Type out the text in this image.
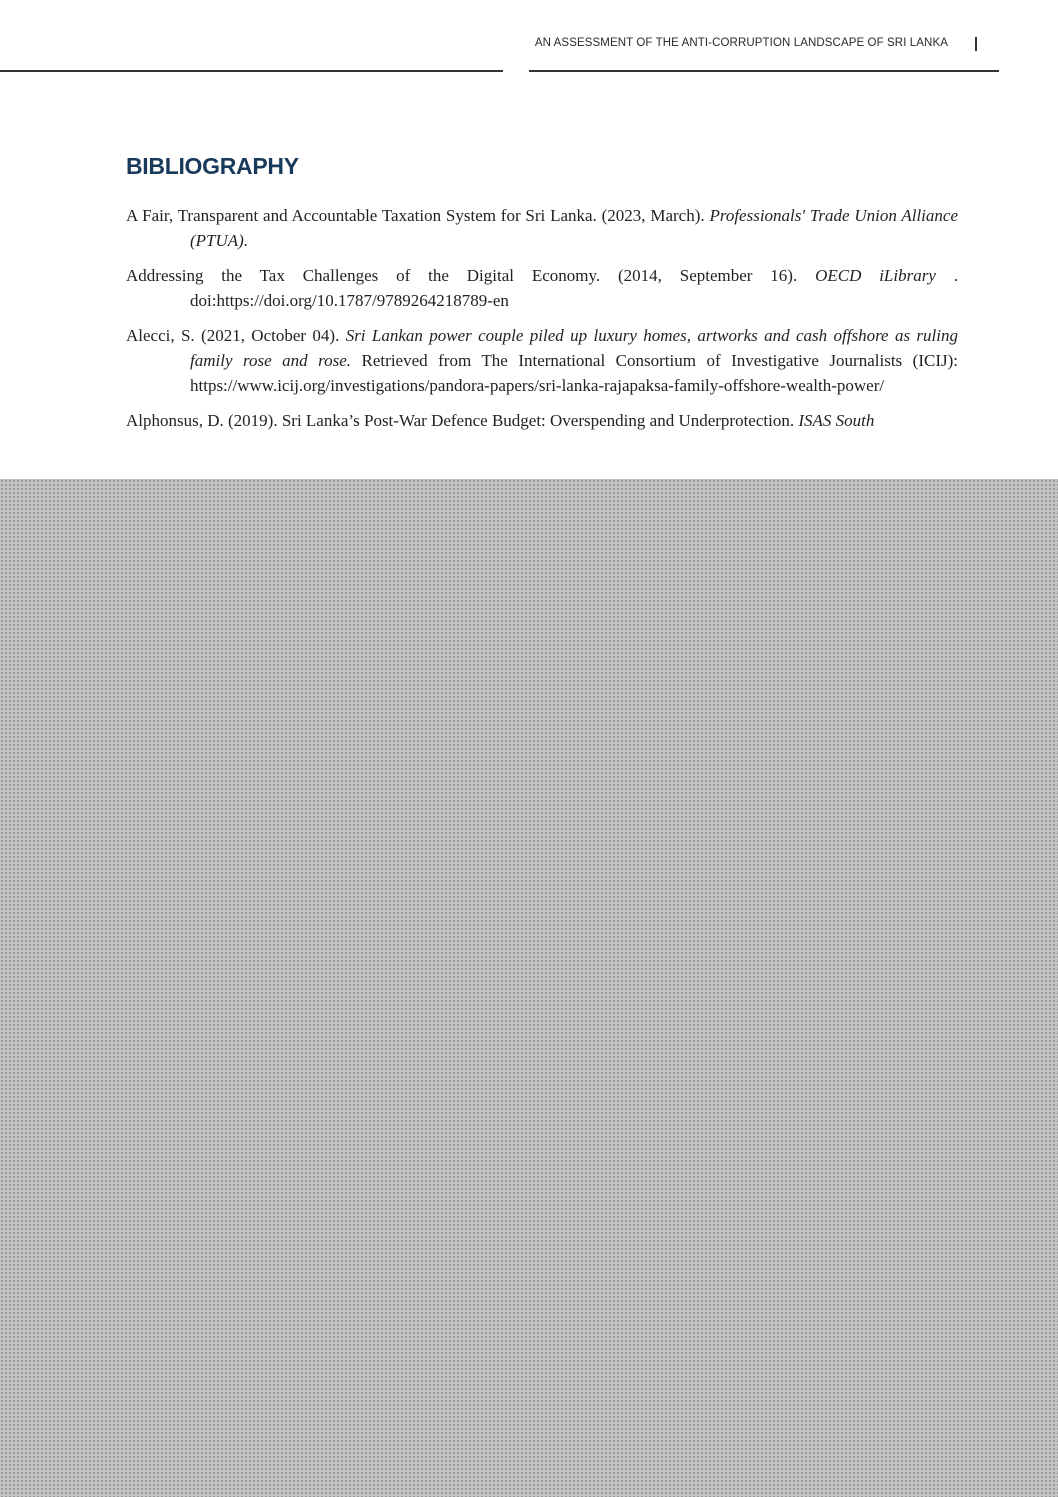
AN ASSESSMENT OF THE ANTI-CORRUPTION LANDSCAPE OF SRI LANKA
BIBLIOGRAPHY

A Fair, Transparent and Accountable Taxation System for Sri Lanka. (2023, March). Professionals' Trade Union Alliance (PTUA).

Addressing the Tax Challenges of the Digital Economy. (2014, September 16). OECD iLibrary . doi:https://doi.org/10.1787/9789264218789-en

Alecci, S. (2021, October 04). Sri Lankan power couple piled up luxury homes, artworks and cash offshore as ruling family rose and rose. Retrieved from The International Consortium of Investigative Journalists (ICIJ): https://www.icij.org/investigations/pandora-papers/sri-lanka-rajapaksa-family-offshore-wealth-power/

Alphonsus, D. (2019). Sri Lanka’s Post-War Defence Budget: Overspending and Underprotection. ISAS South
